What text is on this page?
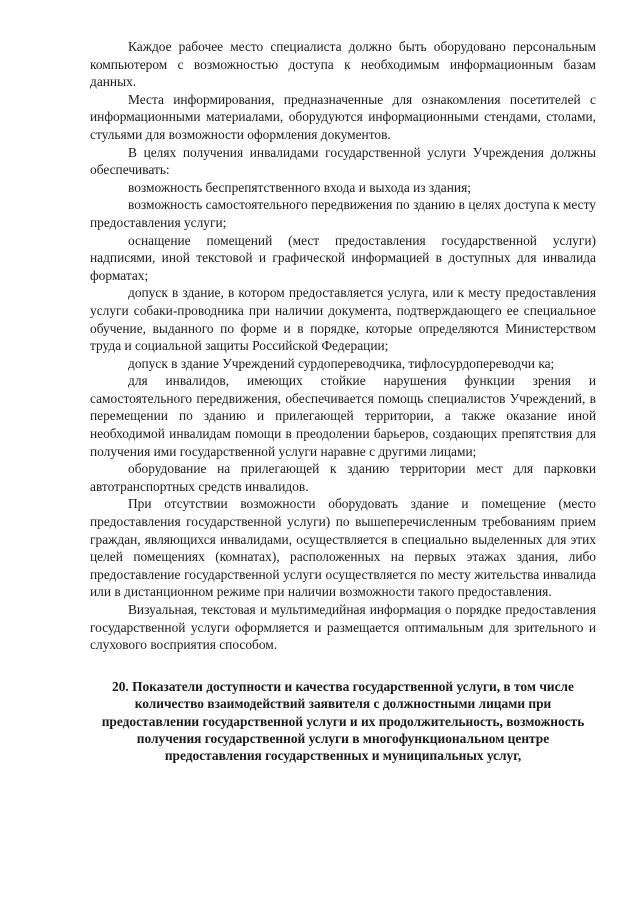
Каждое рабочее место специалиста должно быть оборудовано персональным компьютером с возможностью доступа к необходимым информационным базам данных.

Места информирования, предназначенные для ознакомления посетителей с информационными материалами, оборудуются информационными стендами, столами, стульями для возможности оформления документов.

В целях получения инвалидами государственной услуги Учреждения должны обеспечивать:

возможность беспрепятственного входа и выхода из здания;

возможность самостоятельного передвижения по зданию в целях доступа к месту предоставления услуги;

оснащение помещений (мест предоставления государственной услуги) надписями, иной текстовой и графической информацией в доступных для инвалида форматах;

допуск в здание, в котором предоставляется услуга, или к месту предоставления услуги собаки-проводника при наличии документа, подтверждающего ее специальное обучение, выданного по форме и в порядке, которые определяются Министерством труда и социальной защиты Российской Федерации;

допуск в здание Учреждений сурдопереводчика, тифлосурдопереводчи ка;

для инвалидов, имеющих стойкие нарушения функции зрения и самостоятельного передвижения, обеспечивается помощь специалистов Учреждений, в перемещении по зданию и прилегающей территории, а также оказание иной необходимой инвалидам помощи в преодолении барьеров, создающих препятствия для получения ими государственной услуги наравне с другими лицами;

оборудование на прилегающей к зданию территории мест для парковки автотранспортных средств инвалидов.

При отсутствии возможности оборудовать здание и помещение (место предоставления государственной услуги) по вышеперечисленным требованиям прием граждан, являющихся инвалидами, осуществляется в специально выделенных для этих целей помещениях (комнатах), расположенных на первых этажах здания, либо предоставление государственной услуги осуществляется по месту жительства инвалида или в дистанционном режиме при наличии возможности такого предоставления.

Визуальная, текстовая и мультимедийная информация о порядке предоставления государственной услуги оформляется и размещается оптимальным для зрительного и слухового восприятия способом.

20. Показатели доступности и качества государственной услуги, в том числе количество взаимодействий заявителя с должностными лицами при предоставлении государственной услуги и их продолжительность, возможность получения государственной услуги в многофункциональном центре предоставления государственных и муниципальных услуг,
